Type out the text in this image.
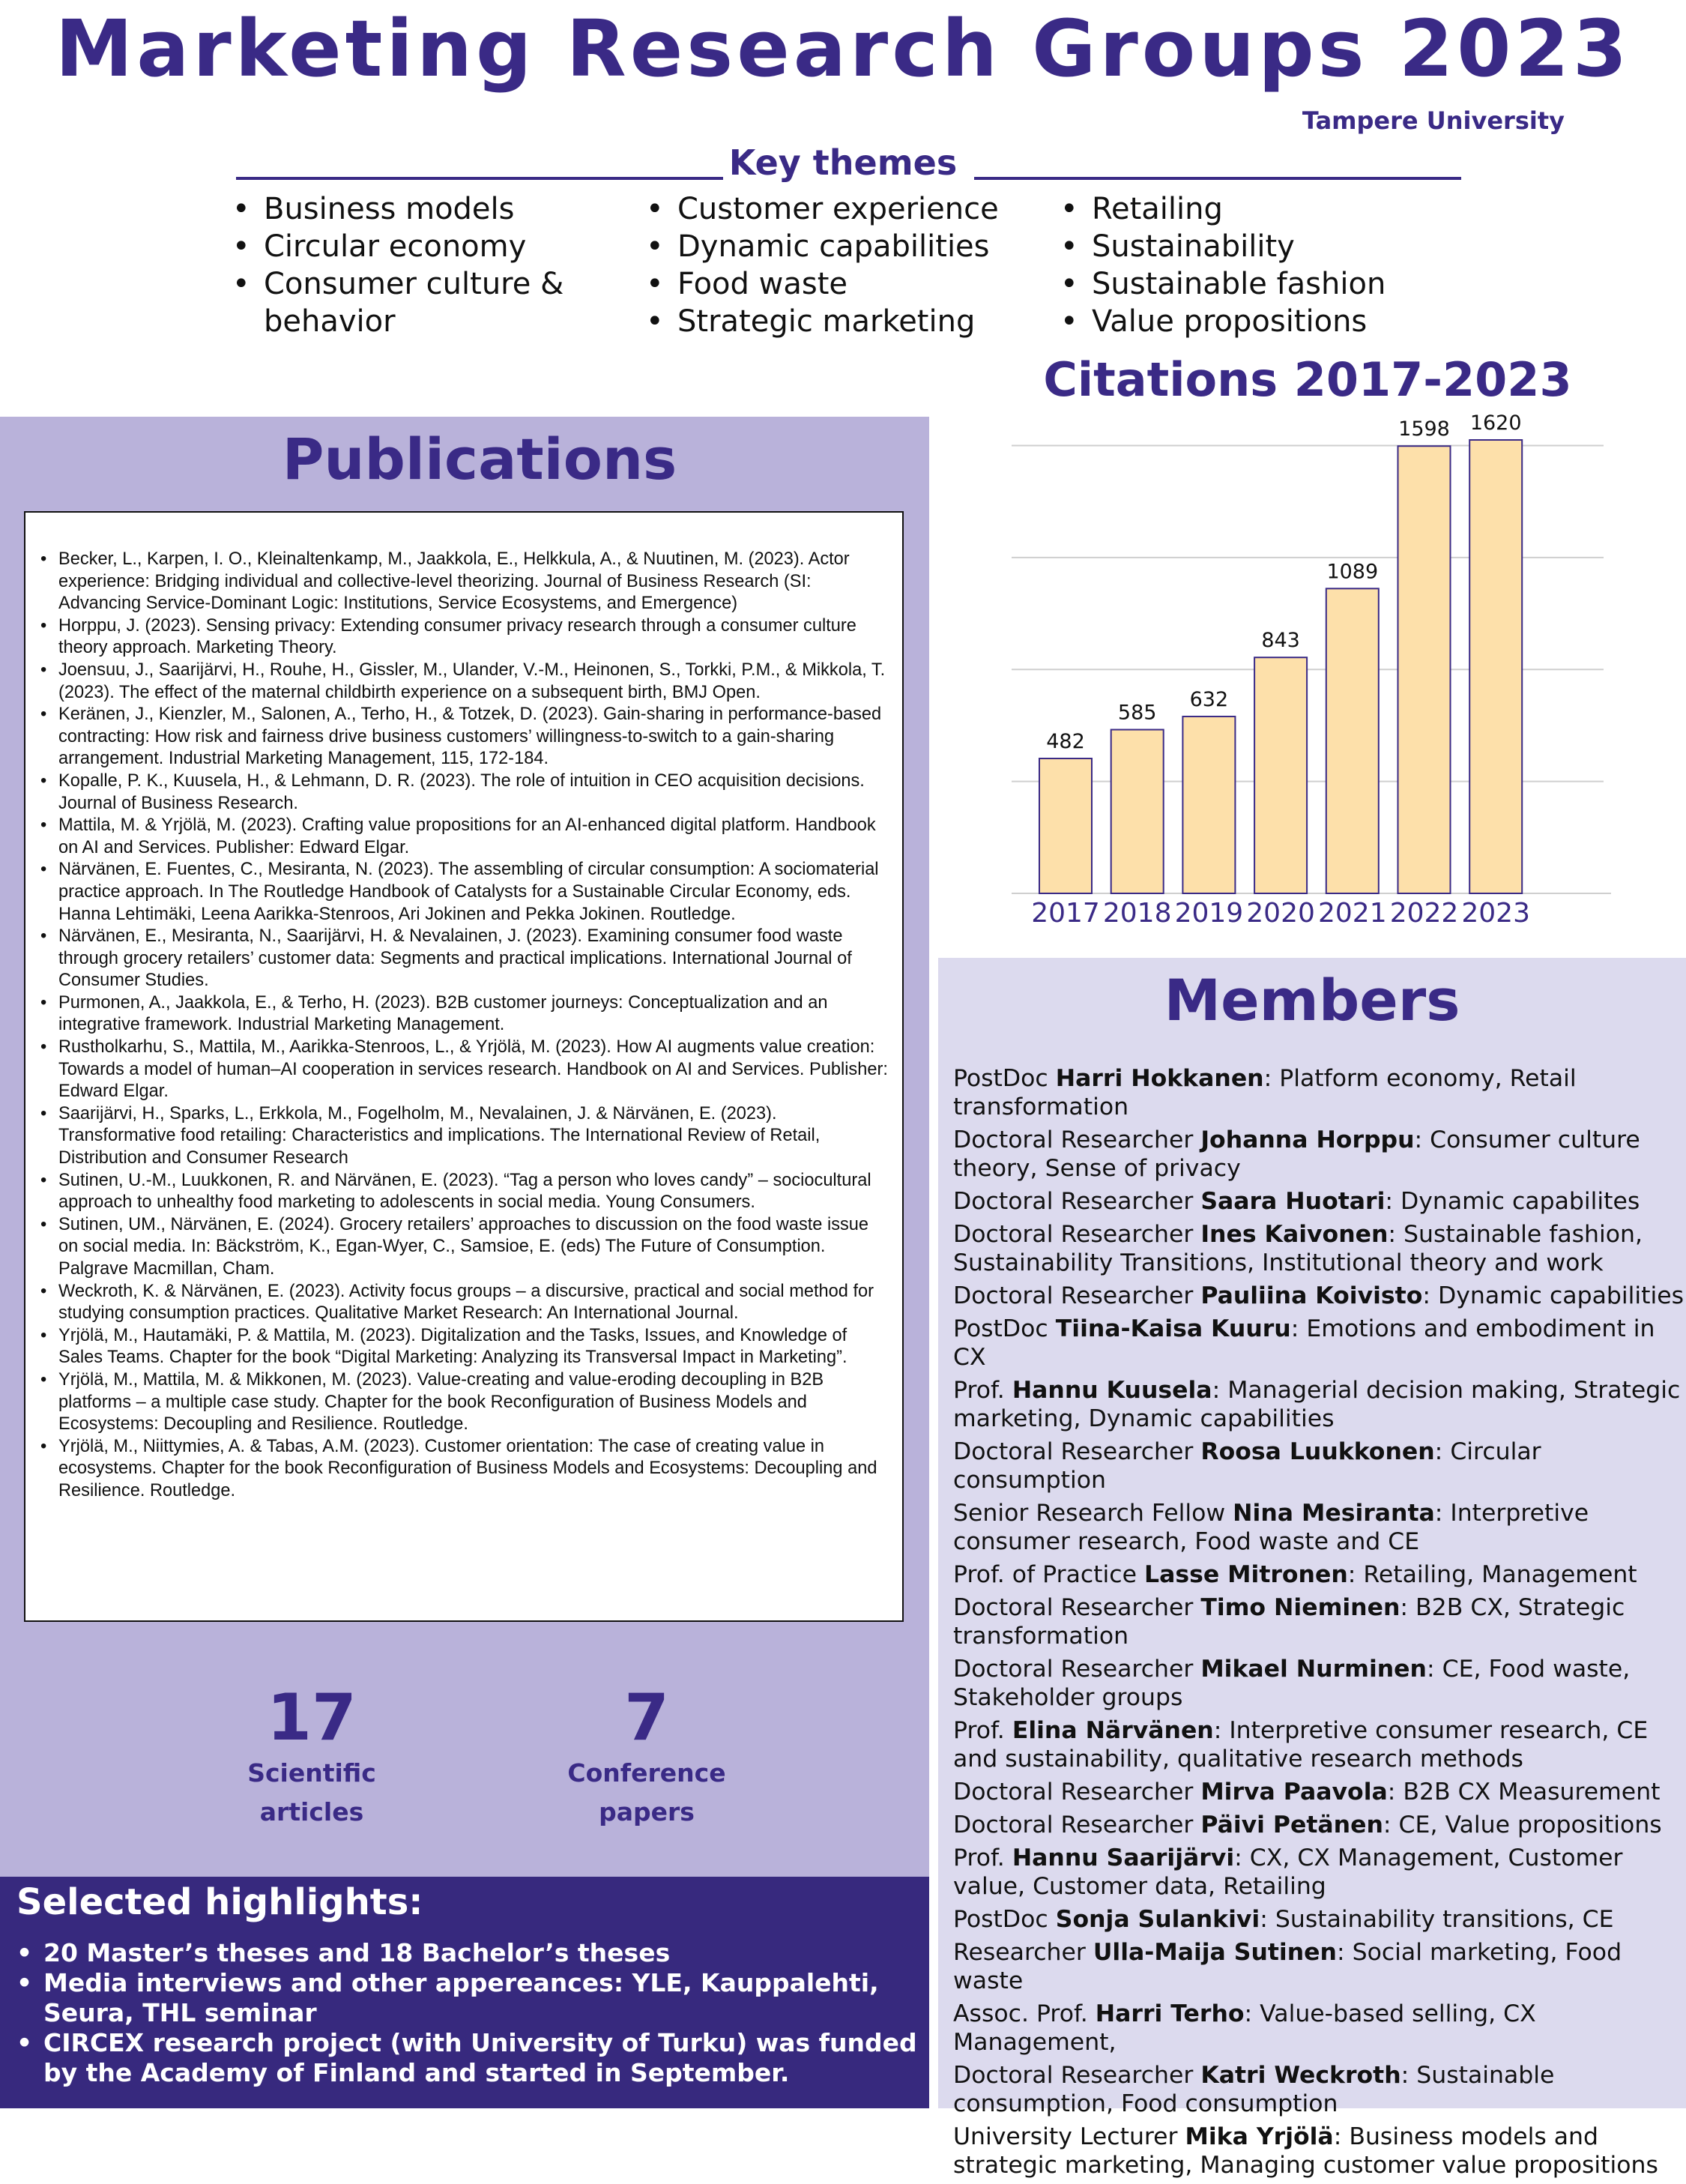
Marketing Research Groups 2023
Tampere University
Key themes
• Business models
• Circular economy
• Consumer culture & behavior
• Customer experience
• Dynamic capabilities
• Food waste
• Strategic marketing
• Retailing
• Sustainability
• Sustainable fashion
• Value propositions
Publications
• Becker, L., Karpen, I. O., Kleinaltenkamp, M., Jaakkola, E., Helkkula, A., & Nuutinen, M. (2023). Actor experience: Bridging individual and collective-level theorizing. Journal of Business Research (SI: Advancing Service-Dominant Logic: Institutions, Service Ecosystems, and Emergence)
• Horppu, J. (2023). Sensing privacy: Extending consumer privacy research through a consumer culture theory approach. Marketing Theory.
• Joensuu, J., Saarijärvi, H., Rouhe, H., Gissler, M., Ulander, V.-M., Heinonen, S., Torkki, P.M., & Mikkola, T. (2023). The effect of the maternal childbirth experience on a subsequent birth, BMJ Open.
• Keränen, J., Kienzler, M., Salonen, A., Terho, H., & Totzek, D. (2023). Gain-sharing in performance-based contracting: How risk and fairness drive business customers’ willingness-to-switch to a gain-sharing arrangement. Industrial Marketing Management, 115, 172-184.
• Kopalle, P. K., Kuusela, H., & Lehmann, D. R. (2023). The role of intuition in CEO acquisition decisions. Journal of Business Research.
• Mattila, M. & Yrjölä, M. (2023). Crafting value propositions for an AI-enhanced digital platform. Handbook on AI and Services. Publisher: Edward Elgar.
• Närvänen, E. Fuentes, C., Mesiranta, N. (2023). The assembling of circular consumption: A sociomaterial practice approach. In The Routledge Handbook of Catalysts for a Sustainable Circular Economy, eds. Hanna Lehtimäki, Leena Aarikka-Stenroos, Ari Jokinen and Pekka Jokinen. Routledge.
• Närvänen, E., Mesiranta, N., Saarijärvi, H. & Nevalainen, J. (2023). Examining consumer food waste through grocery retailers’ customer data: Segments and practical implications. International Journal of Consumer Studies.
• Purmonen, A., Jaakkola, E., & Terho, H. (2023). B2B customer journeys: Conceptualization and an integrative framework. Industrial Marketing Management.
• Rustholkarhu, S., Mattila, M., Aarikka-Stenroos, L., & Yrjölä, M. (2023). How AI augments value creation: Towards a model of human–AI cooperation in services research. Handbook on AI and Services. Publisher: Edward Elgar.
• Saarijärvi, H., Sparks, L., Erkkola, M., Fogelholm, M., Nevalainen, J. & Närvänen, E. (2023). Transformative food retailing: Characteristics and implications. The International Review of Retail, Distribution and Consumer Research
• Sutinen, U.-M., Luukkonen, R. and Närvänen, E. (2023). “Tag a person who loves candy” – sociocultural approach to unhealthy food marketing to adolescents in social media. Young Consumers.
• Sutinen, UM., Närvänen, E. (2024). Grocery retailers’ approaches to discussion on the food waste issue on social media. In: Bäckström, K., Egan-Wyer, C., Samsioe, E. (eds) The Future of Consumption. Palgrave Macmillan, Cham.
• Weckroth, K. & Närvänen, E. (2023). Activity focus groups – a discursive, practical and social method for studying consumption practices. Qualitative Market Research: An International Journal.
• Yrjölä, M., Hautamäki, P. & Mattila, M. (2023). Digitalization and the Tasks, Issues, and Knowledge of Sales Teams. Chapter for the book “Digital Marketing: Analyzing its Transversal Impact in Marketing”.
• Yrjölä, M., Mattila, M. & Mikkonen, M. (2023). Value-creating and value-eroding decoupling in B2B platforms – a multiple case study. Chapter for the book Reconfiguration of Business Models and Ecosystems: Decoupling and Resilience. Routledge.
• Yrjölä, M., Niittymies, A. & Tabas, A.M. (2023). Customer orientation: The case of creating value in ecosystems. Chapter for the book Reconfiguration of Business Models and Ecosystems: Decoupling and Resilience. Routledge.
17
Scientific
articles
7
Conference
papers
Selected highlights:
• 20 Master’s theses and 18 Bachelor’s theses
• Media interviews and other appereances: YLE, Kauppalehti, Seura, THL seminar
• CIRCEX research project (with University of Turku) was funded by the Academy of Finland and started in September.
Citations 2017-2023
482
2017
585
2018
632
2019
843
2020
1089
2021
1598
2022
1620
2023
Members
PostDoc Harri Hokkanen: Platform economy, Retail transformation
Doctoral Researcher Johanna Horppu: Consumer culture theory, Sense of privacy
Doctoral Researcher Saara Huotari: Dynamic capabilites
Doctoral Researcher Ines Kaivonen: Sustainable fashion, Sustainability Transitions, Institutional theory and work
Doctoral Researcher Pauliina Koivisto: Dynamic capabilities
PostDoc Tiina-Kaisa Kuuru: Emotions and embodiment in CX
Prof. Hannu Kuusela: Managerial decision making, Strategic marketing, Dynamic capabilities
Doctoral Researcher Roosa Luukkonen: Circular consumption
Senior Research Fellow Nina Mesiranta: Interpretive consumer research, Food waste and CE
Prof. of Practice Lasse Mitronen: Retailing, Management
Doctoral Researcher Timo Nieminen: B2B CX, Strategic transformation
Doctoral Researcher Mikael Nurminen: CE, Food waste, Stakeholder groups
Prof. Elina Närvänen: Interpretive consumer research, CE and sustainability, qualitative research methods
Doctoral Researcher Mirva Paavola: B2B CX Measurement
Doctoral Researcher Päivi Petänen: CE, Value propositions
Prof. Hannu Saarijärvi: CX, CX Management, Customer value, Customer data, Retailing
PostDoc Sonja Sulankivi: Sustainability transitions, CE
Researcher Ulla-Maija Sutinen: Social marketing, Food waste
Assoc. Prof. Harri Terho: Value-based selling, CX Management,
Doctoral Researcher Katri Weckroth: Sustainable consumption, Food consumption
University Lecturer Mika Yrjölä: Business models and strategic marketing, Managing customer value propositions
